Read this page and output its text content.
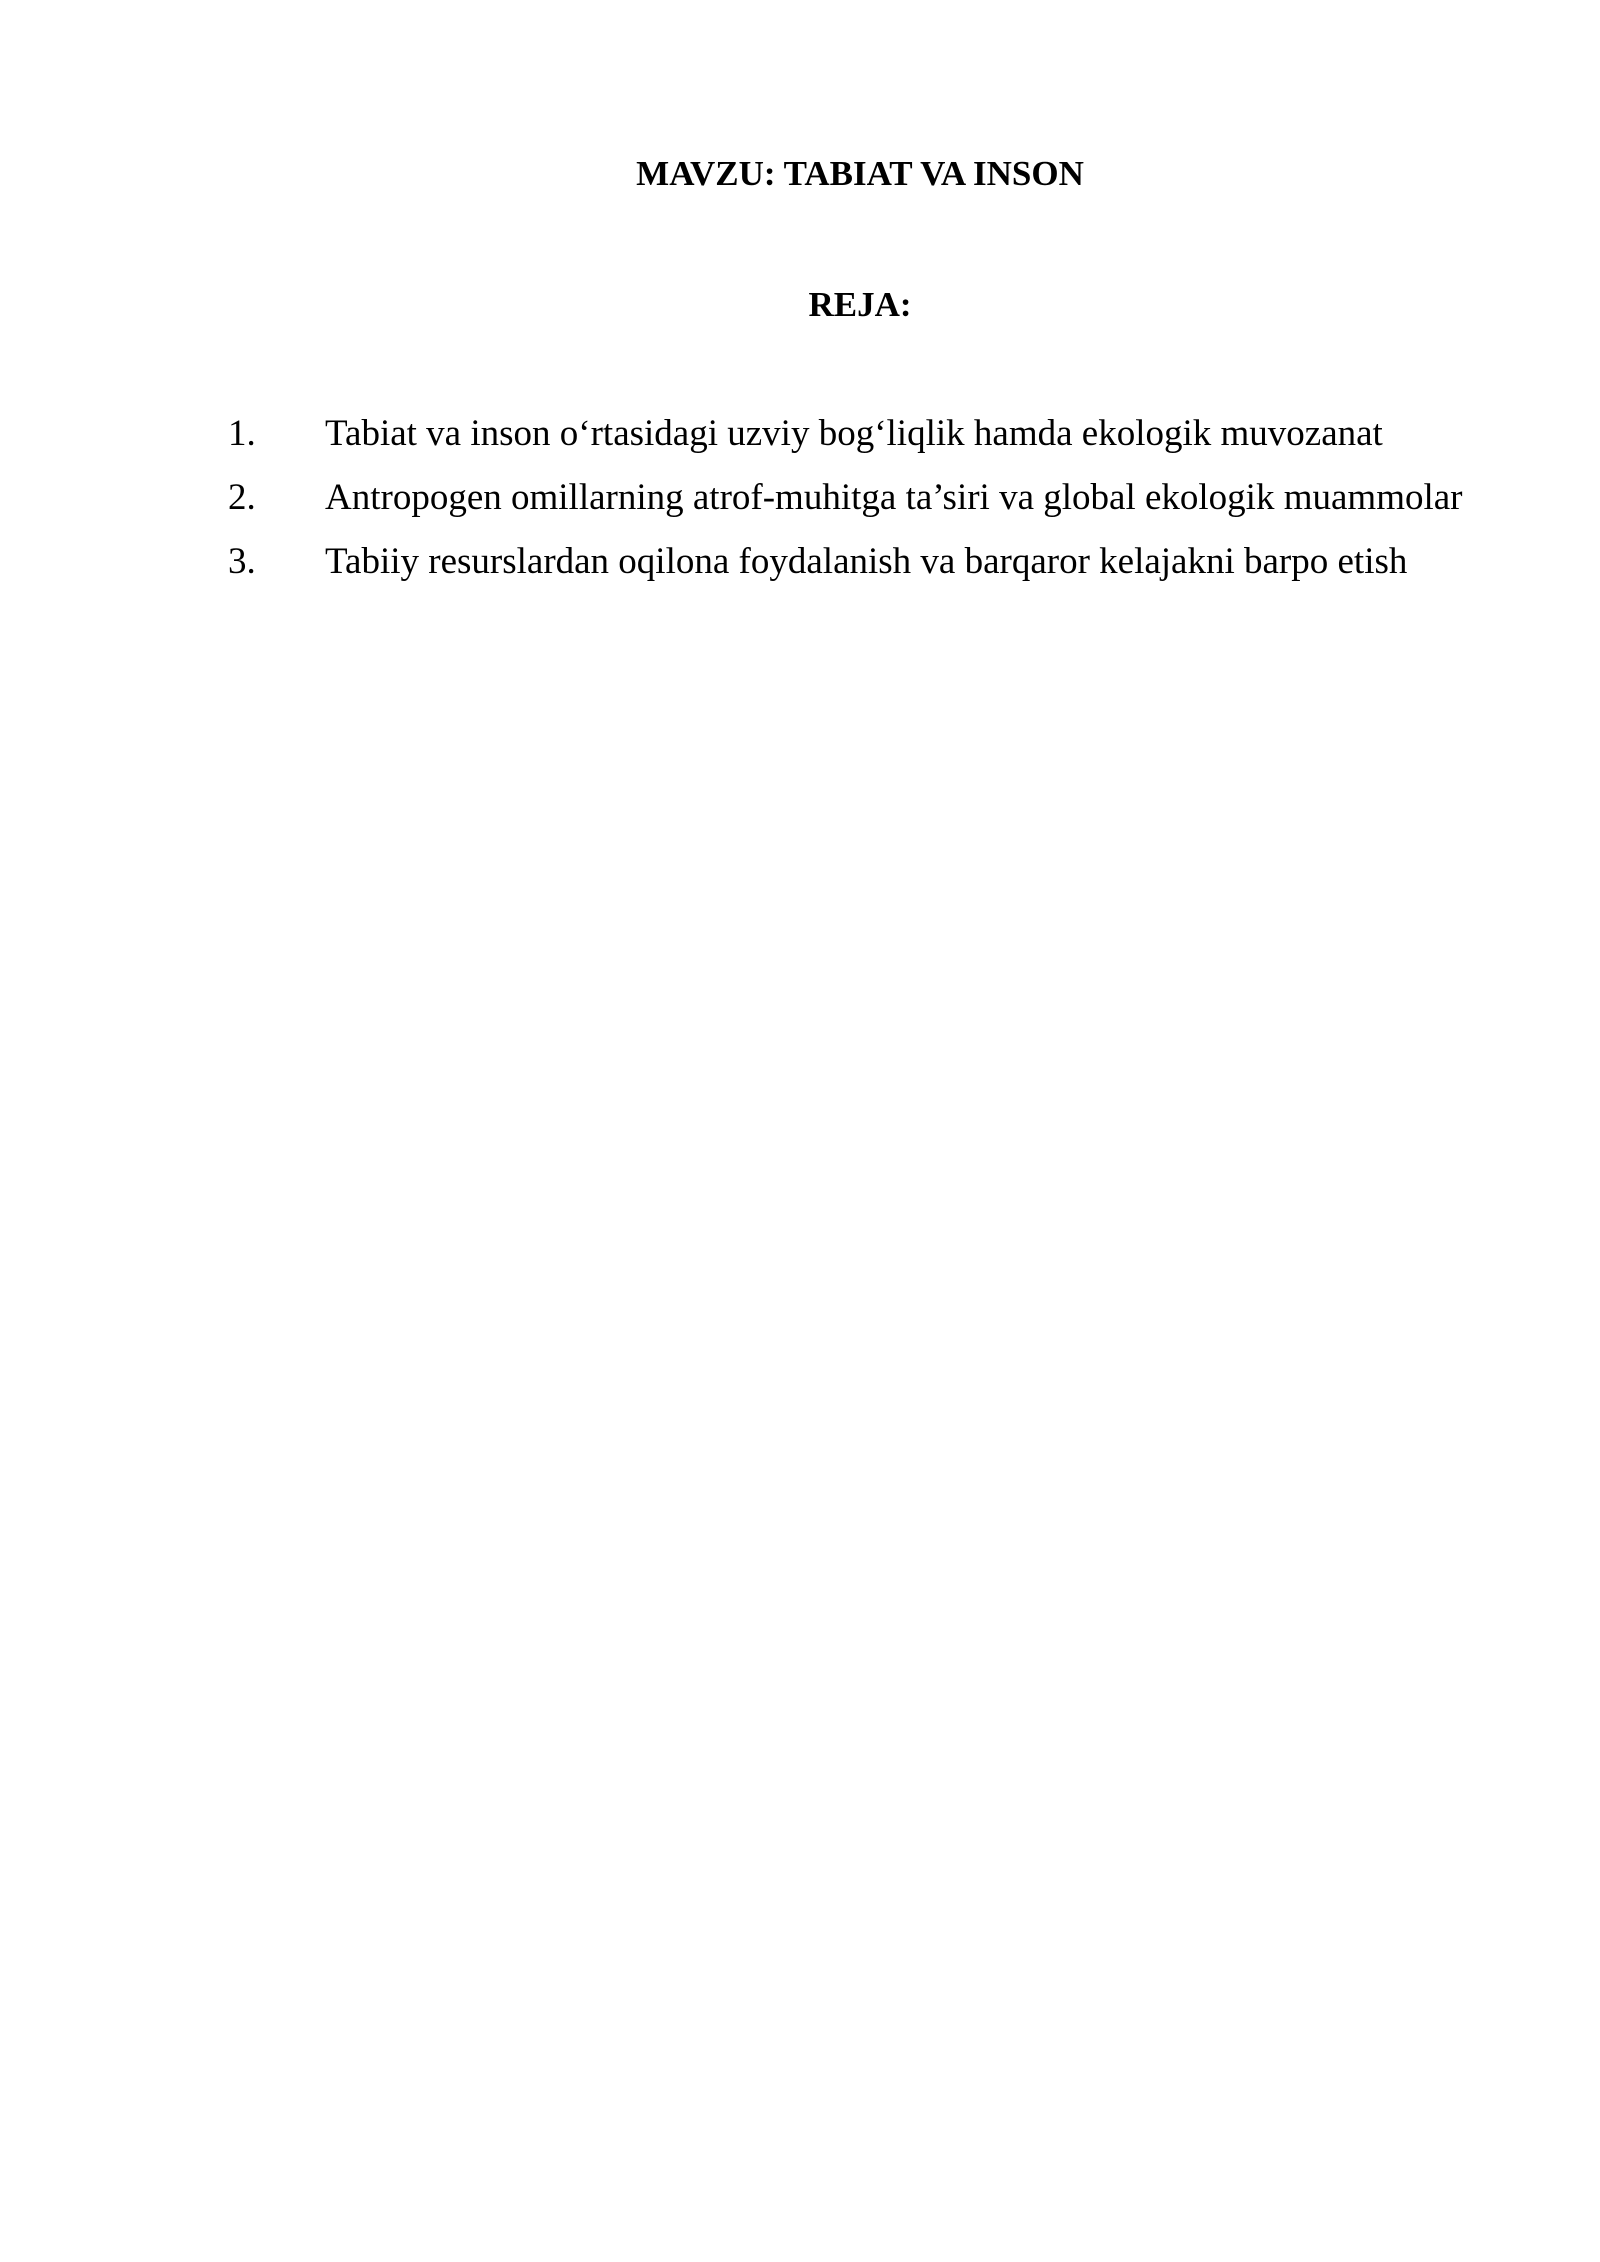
MAVZU: TABIAT VA INSON
REJA:
1.	Tabiat va inson o‘rtasidagi uzviy bog‘liqlik hamda ekologik muvozanat
2.	Antropogen omillarning atrof-muhitga ta’siri va global ekologik muammolar
3.	Tabiiy resurslardan oqilona foydalanish va barqaror kelajakni barpo etish
